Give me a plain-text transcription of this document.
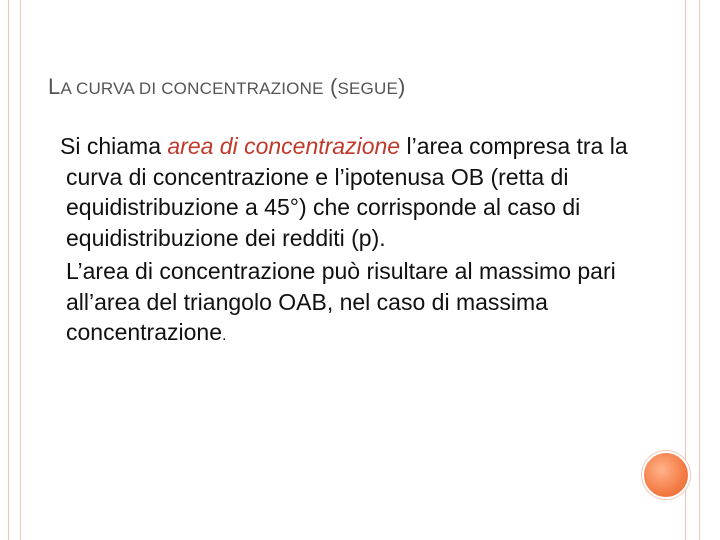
LA CURVA DI CONCENTRAZIONE (SEGUE)

Si chiama area di concentrazione l’area compresa tra la curva di concentrazione e l’ipotenusa OB (retta di equidistribuzione a 45°) che corrisponde al caso di equidistribuzione dei redditi (p).

L’area di concentrazione può risultare al massimo pari all’area del triangolo OAB, nel caso di massima concentrazione.
